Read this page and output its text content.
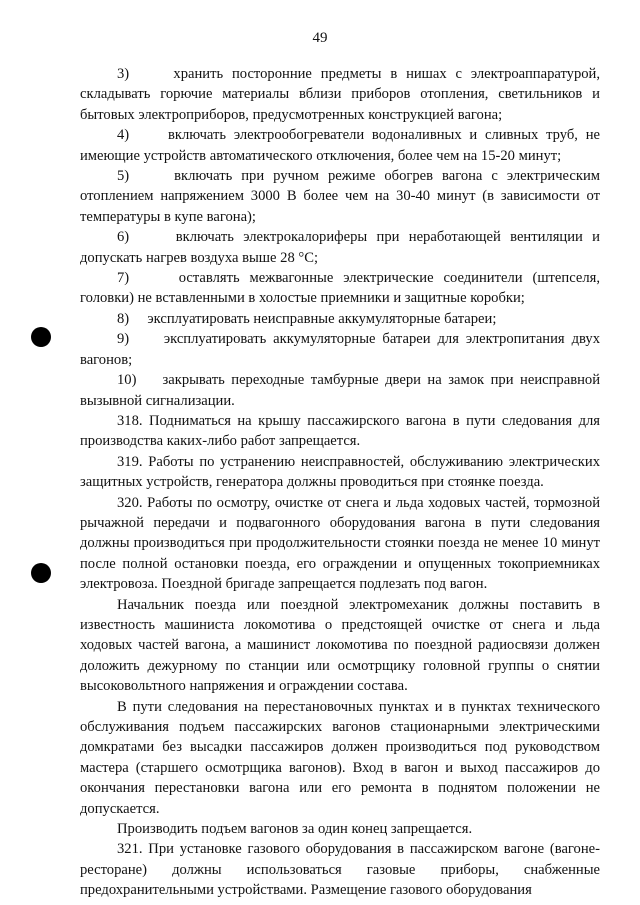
49

3)     хранить посторонние предметы в нишах с электроаппаратурой, складывать горючие материалы вблизи приборов отопления, светильников и бытовых электроприборов, предусмотренных конструкцией вагона;

4)     включать электрообогреватели водоналивных и сливных труб, не имеющие устройств автоматического отключения, более чем на 15-20 минут;

5)     включать при ручном режиме обогрев вагона с электрическим отоплением напряжением 3000 В более чем на 30-40 минут (в зависимости от температуры в купе вагона);

6)     включать электрокалориферы при неработающей вентиляции и допускать нагрев воздуха выше 28 °С;

7)     оставлять межвагонные электрические соединители (штепселя, головки) не вставленными в холостые приемники и защитные коробки;

8)     эксплуатировать неисправные аккумуляторные батареи;

9)     эксплуатировать аккумуляторные батареи для электропитания двух вагонов;

10)    закрывать переходные тамбурные двери на замок при неисправной вызывной сигнализации.

318. Подниматься на крышу пассажирского вагона в пути следования для производства каких-либо работ запрещается.

319. Работы по устранению неисправностей, обслуживанию электрических защитных устройств, генератора должны проводиться при стоянке поезда.

320. Работы по осмотру, очистке от снега и льда ходовых частей, тормозной рычажной передачи и подвагонного оборудования вагона в пути следования должны производиться при продолжительности стоянки поезда не менее 10 минут после полной остановки поезда, его ограждении и опущенных токоприемниках электровоза. Поездной бригаде запрещается подлезать под вагон.

Начальник поезда или поездной электромеханик должны поставить в известность машиниста локомотива о предстоящей очистке от снега и льда ходовых частей вагона, а машинист локомотива по поездной радиосвязи должен доложить дежурному по станции или осмотрщику головной группы о снятии высоковольтного напряжения и ограждении состава.

В пути следования на перестановочных пунктах и в пунктах технического обслуживания подъем пассажирских вагонов стационарными электрическими домкратами без высадки пассажиров должен производиться под руководством мастера (старшего осмотрщика вагонов). Вход в вагон и выход пассажиров до окончания перестановки вагона или его ремонта в поднятом положении не допускается.

Производить подъем вагонов за один конец запрещается.

321. При установке газового оборудования в пассажирском вагоне (вагоне-ресторане) должны использоваться газовые приборы, снабженные предохранительными устройствами. Размещение газового оборудования
